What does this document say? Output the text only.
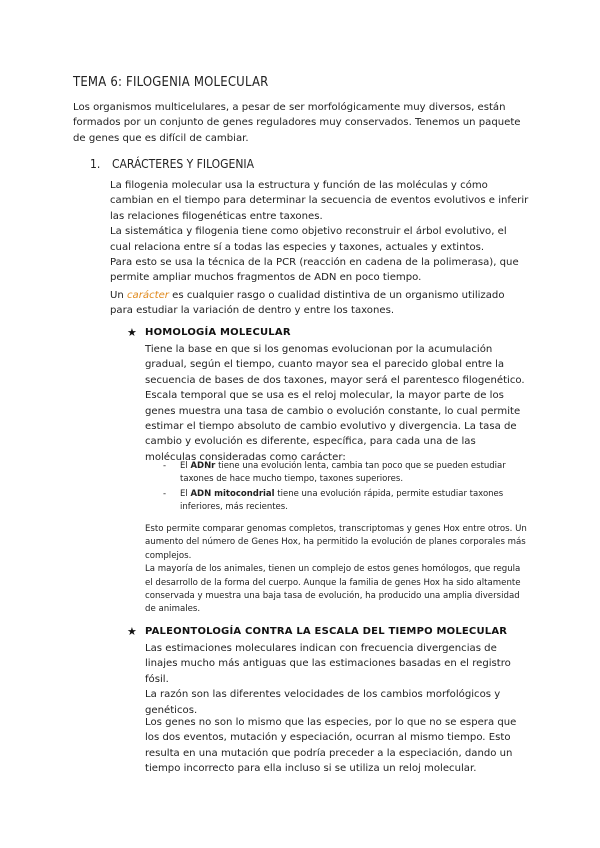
TEMA 6: FILOGENIA MOLECULAR
Los organismos multicelulares, a pesar de ser morfológicamente muy diversos, están formados por un conjunto de genes reguladores muy conservados. Tenemos un paquete de genes que es difícil de cambiar.
1. CARÁCTERES Y FILOGENIA

La filogenia molecular usa la estructura y función de las moléculas y cómo cambian en el tiempo para determinar la secuencia de eventos evolutivos e inferir las relaciones filogenéticas entre taxones.

La sistemática y filogenia tiene como objetivo reconstruir el árbol evolutivo, el cual relaciona entre sí a todas las especies y taxones, actuales y extintos.

Para esto se usa la técnica de la PCR (reacción en cadena de la polimerasa), que permite ampliar muchos fragmentos de ADN en poco tiempo.

Un carácter es cualquier rasgo o cualidad distintiva de un organismo utilizado para estudiar la variación de dentro y entre los taxones.

★ HOMOLOGÍA MOLECULAR

Tiene la base en que si los genomas evolucionan por la acumulación gradual, según el tiempo, cuanto mayor sea el parecido global entre la secuencia de bases de dos taxones, mayor será el parentesco filogenético.

Escala temporal que se usa es el reloj molecular, la mayor parte de los genes muestra una tasa de cambio o evolución constante, lo cual permite estimar el tiempo absoluto de cambio evolutivo y divergencia. La tasa de cambio y evolución es diferente, específica, para cada una de las moléculas consideradas como carácter:

- El ADNr tiene una evolución lenta, cambia tan poco que se pueden estudiar taxones de hace mucho tiempo, taxones superiores.
- El ADN mitocondrial tiene una evolución rápida, permite estudiar taxones inferiores, más recientes.

Esto permite comparar genomas completos, transcriptomas y genes Hox entre otros. Un aumento del número de Genes Hox, ha permitido la evolución de planes corporales más complejos.

La mayoría de los animales, tienen un complejo de estos genes homólogos, que regula el desarrollo de la forma del cuerpo. Aunque la familia de genes Hox ha sido altamente conservada y muestra una baja tasa de evolución, ha producido una amplia diversidad de animales.

★ PALEONTOLOGÍA CONTRA LA ESCALA DEL TIEMPO MOLECULAR

Las estimaciones moleculares indican con frecuencia divergencias de linajes mucho más antiguas que las estimaciones basadas en el registro fósil.

La razón son las diferentes velocidades de los cambios morfológicos y genéticos.

Los genes no son lo mismo que las especies, por lo que no se espera que los dos eventos, mutación y especiación, ocurran al mismo tiempo. Esto resulta en una mutación que podría preceder a la especiación, dando un tiempo incorrecto para ella incluso si se utiliza un reloj molecular.
